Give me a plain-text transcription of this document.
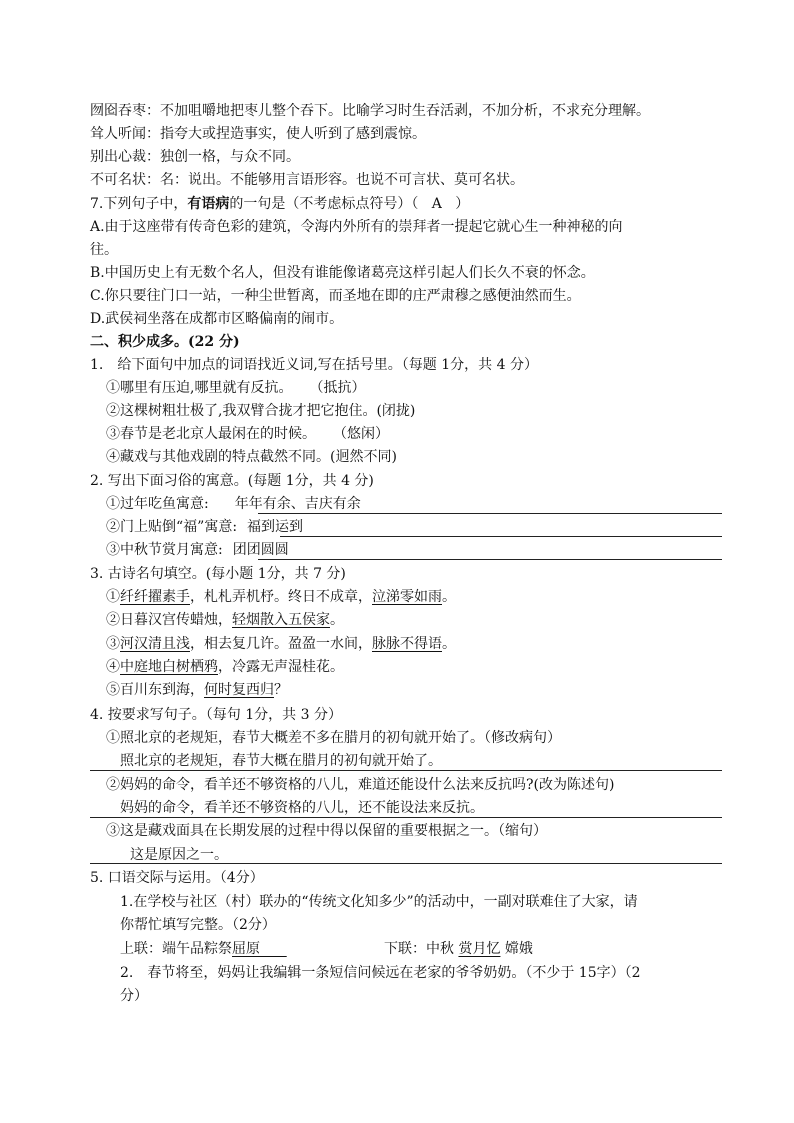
囫囵吞枣：不加咀嚼地把枣儿整个吞下。比喻学习时生吞活剥，不加分析，不求充分理解。
耸人听闻：指夸大或捏造事实，使人听到了感到震惊。
别出心裁：独创一格，与众不同。
不可名状：名：说出。不能够用言语形容。也说不可言状、莫可名状。
7.下列句子中，有语病的一句是（不考虑标点符号）（ A ）
A.由于这座带有传奇色彩的建筑，令海内外所有的崇拜者一提起它就心生一种神秘的向
往。
B.中国历史上有无数个名人，但没有谁能像诸葛亮这样引起人们长久不衰的怀念。
C.你只要往门口一站，一种尘世暂离，而圣地在即的庄严肃穆之感便油然而生。
D.武侯祠坐落在成都市区略偏南的闹市。
二、积少成多。(22 分)
1.　给下面句中加点的词语找近义词,写在括号里。（每题 1分，共 4 分）
①哪里有压迫,哪里就有反抗。 （抵抗）
②这棵树粗壮极了,我双臂合拢才把它抱住。(闭拢)
③春节是老北京人最闲在的时候。 （悠闲）
④藏戏与其他戏剧的特点截然不同。(迥然不同)
2. 写出下面习俗的寓意。(每题 1分，共 4 分)
①过年吃鱼寓意: 年年有余、吉庆有余
②门上贴倒“福”寓意: 福到运到
③中秋节赏月寓意: 团团圆圆
3. 古诗名句填空。(每小题 1分，共 7 分)
①纤纤擢素手，札札弄机杼。终日不成章，泣涕零如雨。
②日暮汉宫传蜡烛，轻烟散入五侯家。
③河汉清且浅，相去复几许。盈盈一水间，脉脉不得语。
④中庭地白树栖鸦，冷露无声湿桂花。
⑤百川东到海，何时复西归？
4. 按要求写句子。（每句 1分，共 3 分）
①照北京的老规矩，春节大概差不多在腊月的初旬就开始了。（修改病句）
照北京的老规矩，春节大概在腊月的初旬就开始了。
②妈妈的命令，看羊还不够资格的八儿，难道还能设什么法来反抗吗?(改为陈述句)
妈妈的命令，看羊还不够资格的八儿，还不能设法来反抗。
③这是藏戏面具在长期发展的过程中得以保留的重要根据之一。（缩句）
这是原因之一。
5. 口语交际与运用。（4分）
1.在学校与社区（村）联办的“传统文化知多少”的活动中，一副对联难住了大家，请
你帮忙填写完整。（2分）
上联：端午品粽祭屈原	下联：中秋 赏月忆 嫦娥
2.　春节将至，妈妈让我编辑一条短信问候远在老家的爷爷奶奶。（不少于 15字）（2
分）
